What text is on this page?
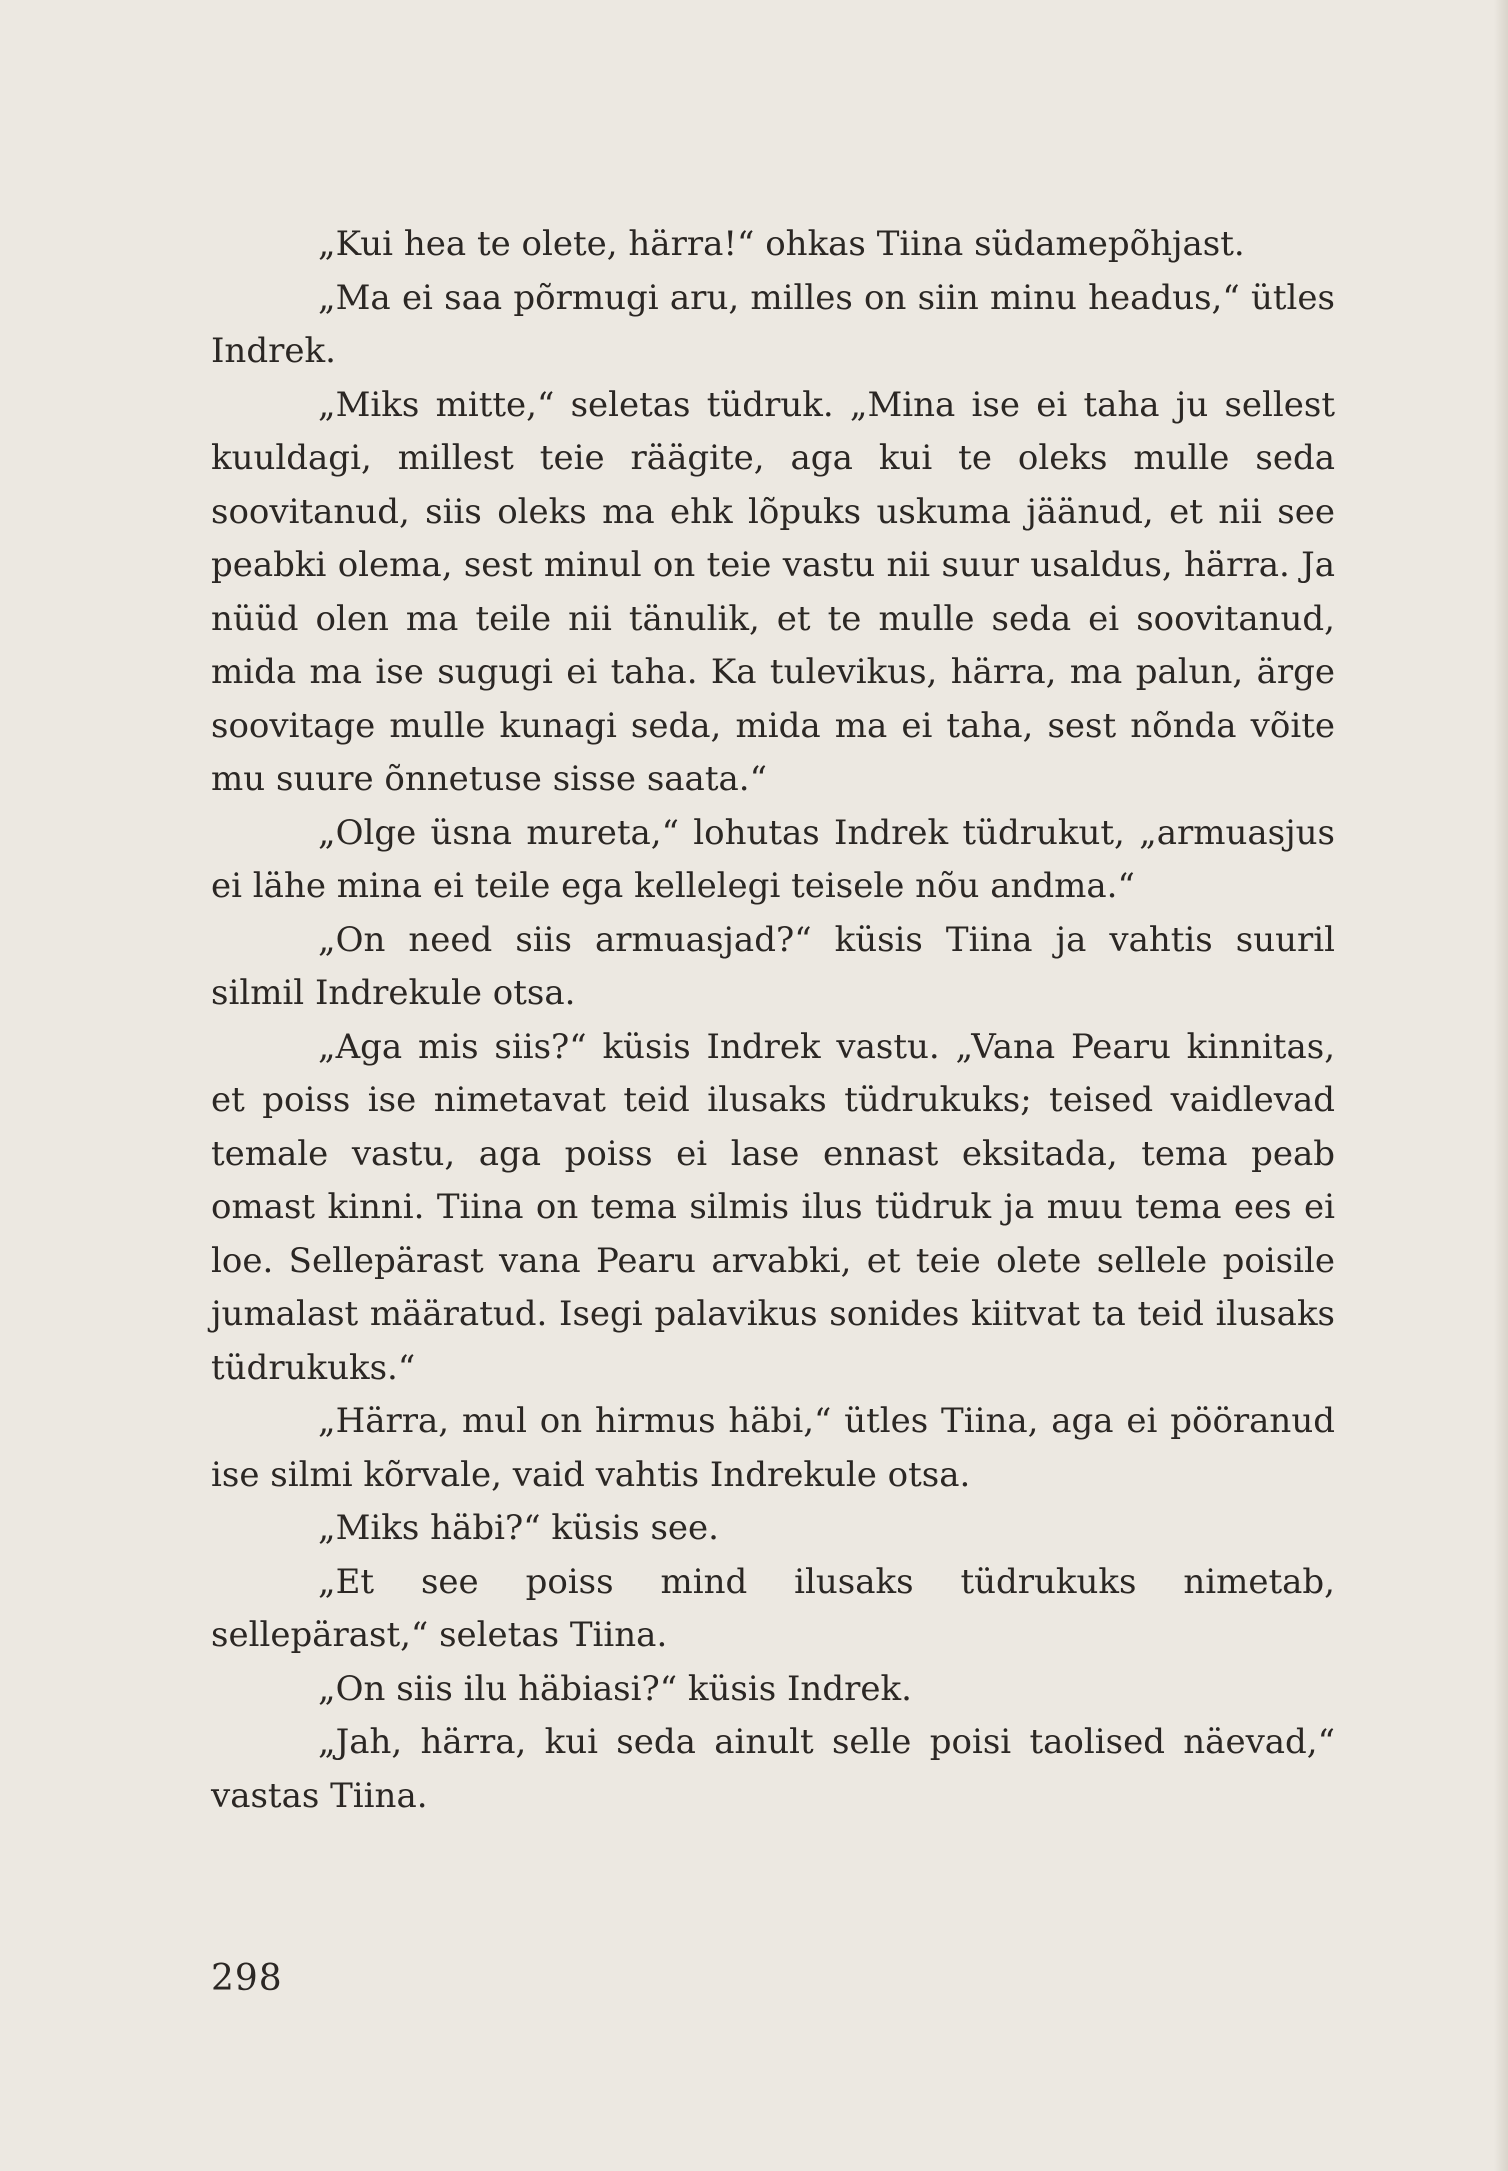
„Kui hea te olete, härra!“ ohkas Tiina südamepõhjast.

„Ma ei saa põrmugi aru, milles on siin minu headus,“ ütles Indrek.

„Miks mitte,“ seletas tüdruk. „Mina ise ei taha ju sellest kuuldagi, millest teie räägite, aga kui te oleks mulle seda soovitanud, siis oleks ma ehk lõpuks uskuma jäänud, et nii see peabki olema, sest minul on teie vastu nii suur usaldus, härra. Ja nüüd olen ma teile nii tänulik, et te mulle seda ei soovitanud, mida ma ise sugugi ei taha. Ka tulevikus, härra, ma palun, ärge soovitage mulle kunagi seda, mida ma ei taha, sest nõnda võite mu suure õnnetuse sisse saata.“

„Olge üsna mureta,“ lohutas Indrek tüdrukut, „armuasjus ei lähe mina ei teile ega kellelegi teisele nõu andma.“

„On need siis armuasjad?“ küsis Tiina ja vahtis suuril silmil Indrekule otsa.

„Aga mis siis?“ küsis Indrek vastu. „Vana Pearu kinnitas, et poiss ise nimetavat teid ilusaks tüdrukuks; teised vaidlevad temale vastu, aga poiss ei lase ennast eksitada, tema peab omast kinni. Tiina on tema silmis ilus tüdruk ja muu tema ees ei loe. Sellepärast vana Pearu arvabki, et teie olete sellele poisile jumalast määratud. Isegi palavikus sonides kiitvat ta teid ilusaks tüdrukuks.“

„Härra, mul on hirmus häbi,“ ütles Tiina, aga ei pööranud ise silmi kõrvale, vaid vahtis Indrekule otsa.

„Miks häbi?“ küsis see.

„Et see poiss mind ilusaks tüdrukuks nimetab, sellepärast,“ seletas Tiina.

„On siis ilu häbiasi?“ küsis Indrek.

„Jah, härra, kui seda ainult selle poisi taolised näevad,“ vastas Tiina.

298
